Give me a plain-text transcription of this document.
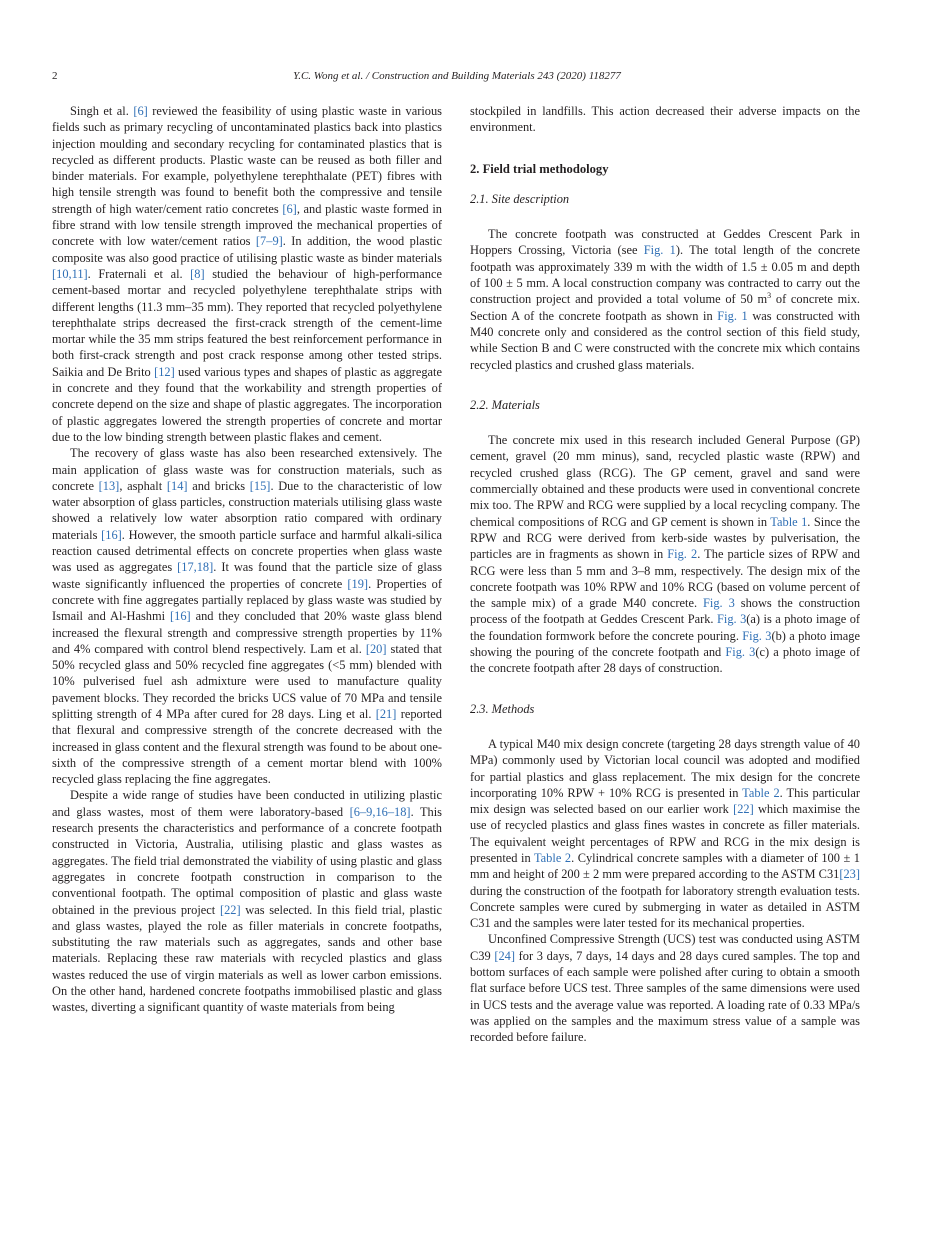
2	Y.C. Wong et al. / Construction and Building Materials 243 (2020) 118277

Singh et al. [6] reviewed the feasibility of using plastic waste in various fields such as primary recycling of uncontaminated plastics back into plastics injection moulding and secondary recycling for contaminated plastics that is recycled as different products. Plastic waste can be reused as both filler and binder materials. For example, polyethylene terephthalate (PET) fibres with high tensile strength was found to benefit both the compressive and tensile strength of high water/cement ratio concretes [6], and plastic waste formed in fibre strand with low tensile strength improved the mechanical properties of concrete with low water/cement ratios [7–9]. In addition, the wood plastic composite was also good practice of utilising plastic waste as binder materials [10,11]. Fraternali et al. [8] studied the behaviour of high-performance cement-based mortar and recycled polyethylene terephthalate strips with different lengths (11.3 mm–35 mm). They reported that recycled polyethylene terephthalate strips decreased the first-crack strength of the cement-lime mortar while the 35 mm strips featured the best reinforcement performance in both first-crack strength and post crack response among other tested strips. Saikia and De Brito [12] used various types and shapes of plastic as aggregate in concrete and they found that the workability and strength properties of concrete depend on the size and shape of plastic aggregates. The incorporation of plastic aggregates lowered the strength properties of concrete and mortar due to the low binding strength between plastic flakes and cement.

The recovery of glass waste has also been researched extensively. The main application of glass waste was for construction materials, such as concrete [13], asphalt [14] and bricks [15]. Due to the characteristic of low water absorption of glass particles, construction materials utilising glass waste showed a relatively low water absorption ratio compared with ordinary materials [16]. However, the smooth particle surface and harmful alkali-silica reaction caused detrimental effects on concrete properties when glass waste was used as aggregates [17,18]. It was found that the particle size of glass waste significantly influenced the properties of concrete [19]. Properties of concrete with fine aggregates partially replaced by glass waste was studied by Ismail and Al-Hashmi [16] and they concluded that 20% waste glass blend increased the flexural strength and compressive strength properties by 11% and 4% compared with control blend respectively. Lam et al. [20] stated that 50% recycled glass and 50% recycled fine aggregates (<5 mm) blended with 10% pulverised fuel ash admixture were used to manufacture quality pavement blocks. They recorded the bricks UCS value of 70 MPa and tensile splitting strength of 4 MPa after cured for 28 days. Ling et al. [21] reported that flexural and compressive strength of the concrete decreased with the increased in glass content and the flexural strength was found to be about one-sixth of the compressive strength of a cement mortar blend with 100% recycled glass replacing the fine aggregates.

Despite a wide range of studies have been conducted in utilizing plastic and glass wastes, most of them were laboratory-based [6–9,16–18]. This research presents the characteristics and performance of a concrete footpath constructed in Victoria, Australia, utilising plastic and glass wastes as aggregates. The field trial demonstrated the viability of using plastic and glass aggregates in concrete footpath construction in comparison to the conventional footpath. The optimal composition of plastic and glass waste obtained in the previous project [22] was selected. In this field trial, plastic and glass wastes, played the role as filler materials in concrete footpaths, substituting the raw materials such as aggregates, sands and other base materials. Replacing these raw materials with recycled plastics and glass wastes reduced the use of virgin materials as well as lower carbon emissions. On the other hand, hardened concrete footpaths immobilised plastic and glass wastes, diverting a significant quantity of waste materials from being

stockpiled in landfills. This action decreased their adverse impacts on the environment.

2. Field trial methodology
2.1. Site description

The concrete footpath was constructed at Geddes Crescent Park in Hoppers Crossing, Victoria (see Fig. 1). The total length of the concrete footpath was approximately 339 m with the width of 1.5 ± 0.05 m and depth of 100 ± 5 mm. A local construction company was contracted to carry out the construction project and provided a total volume of 50 $m^3$ of concrete mix. Section A of the concrete footpath as shown in Fig. 1 was constructed with M40 concrete only and considered as the control section of this field study, while Section B and C were constructed with the concrete mix which contains recycled plastics and crushed glass materials.

2.2. Materials

The concrete mix used in this research included General Purpose (GP) cement, gravel (20 mm minus), sand, recycled plastic waste (RPW) and recycled crushed glass (RCG). The GP cement, gravel and sand were commercially obtained and these products were used in conventional concrete mix too. The RPW and RCG were supplied by a local recycling company. The chemical compositions of RCG and GP cement is shown in Table 1. Since the RPW and RCG were derived from kerb-side wastes by pulverisation, the particles are in fragments as shown in Fig. 2. The particle sizes of RPW and RCG were less than 5 mm and 3–8 mm, respectively. The design mix of the concrete footpath was 10% RPW and 10% RCG (based on volume percent of the sample mix) of a grade M40 concrete. Fig. 3 shows the construction process of the footpath at Geddes Crescent Park. Fig. 3(a) is a photo image of the foundation formwork before the concrete pouring. Fig. 3(b) a photo image showing the pouring of the concrete footpath and Fig. 3(c) a photo image of the concrete footpath after 28 days of construction.

2.3. Methods

A typical M40 mix design concrete (targeting 28 days strength value of 40 MPa) commonly used by Victorian local council was adopted and modified for partial plastics and glass replacement. The mix design for the concrete incorporating 10% RPW + 10% RCG is presented in Table 2. This particular mix design was selected based on our earlier work [22] which maximise the use of recycled plastics and glass fines wastes in concrete as filler materials. The equivalent weight percentages of RPW and RCG in the mix design is presented in Table 2. Cylindrical concrete samples with a diameter of 100 ± 1 mm and height of 200 ± 2 mm were prepared according to the ASTM C31[23] during the construction of the footpath for laboratory strength evaluation tests. Concrete samples were cured by submerging in water as detailed in ASTM C31 and the samples were later tested for its mechanical properties.

Unconfined Compressive Strength (UCS) test was conducted using ASTM C39 [24] for 3 days, 7 days, 14 days and 28 days cured samples. The top and bottom surfaces of each sample were polished after curing to obtain a smooth flat surface before UCS test. Three samples of the same dimensions were used in UCS tests and the average value was reported. A loading rate of 0.33 MPa/s was applied on the samples and the maximum stress value of a sample was recorded before failure.
